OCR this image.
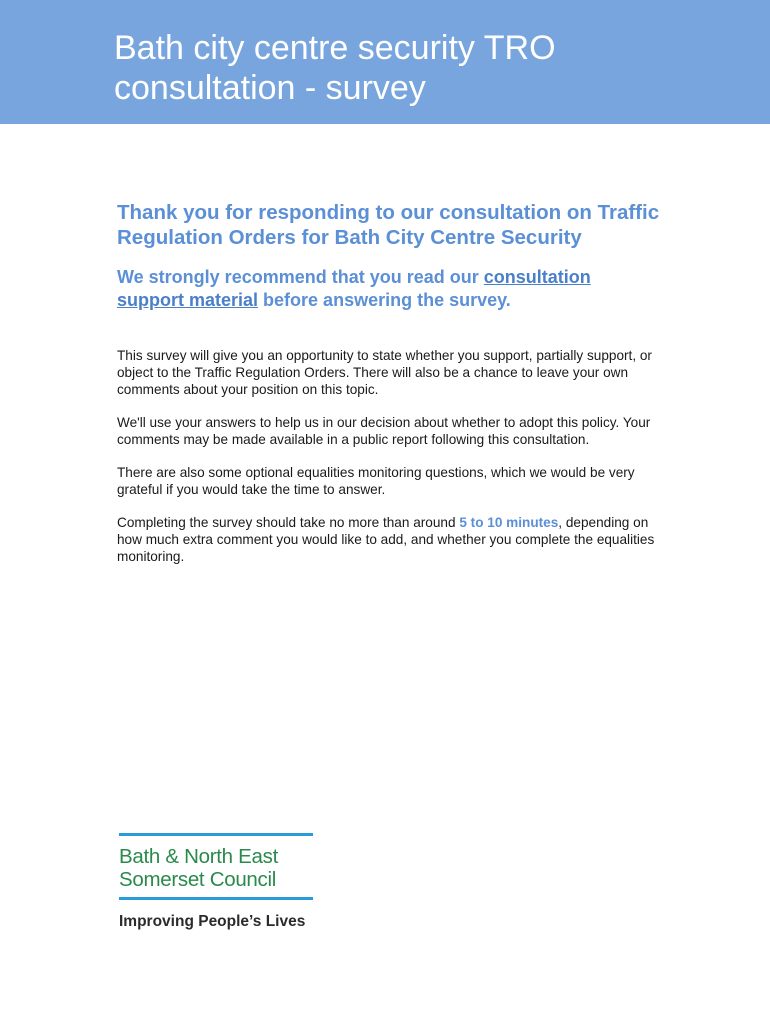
Bath city centre security TRO consultation - survey
Thank you for responding to our consultation on Traffic Regulation Orders for Bath City Centre Security

We strongly recommend that you read our consultation support material before answering the survey.

This survey will give you an opportunity to state whether you support, partially support, or object to the Traffic Regulation Orders. There will also be a chance to leave your own comments about your position on this topic.

We'll use your answers to help us in our decision about whether to adopt this policy. Your comments may be made available in a public report following this consultation.

There are also some optional equalities monitoring questions, which we would be very grateful if you would take the time to answer.

Completing the survey should take no more than around 5 to 10 minutes, depending on how much extra comment you would like to add, and whether you complete the equalities monitoring.

Bath & North East
Somerset Council

Improving People’s Lives
